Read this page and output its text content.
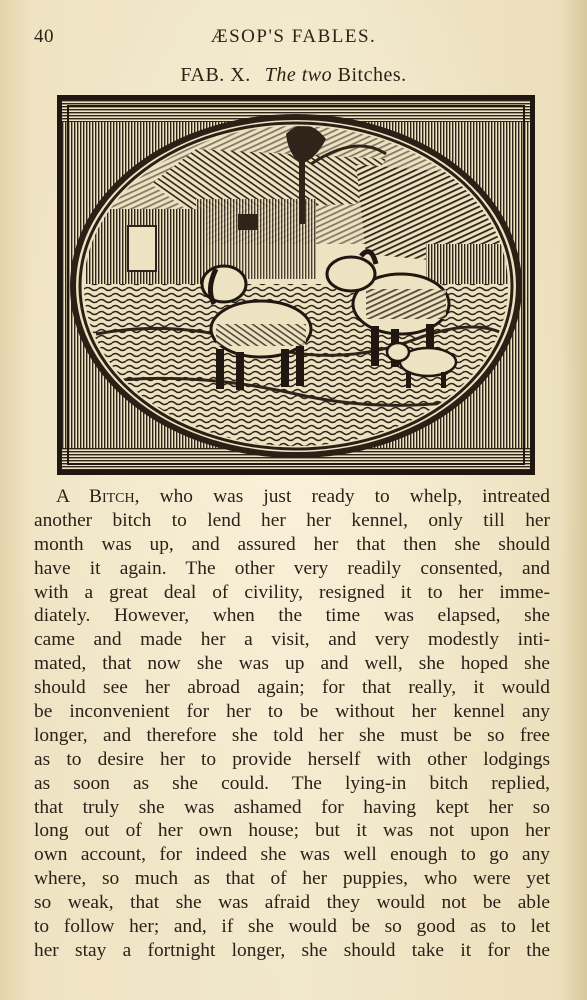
40	ÆSOP'S FABLES.
FAB. X. The two Bitches.
A Bitch, who was just ready to whelp, intreated
another bitch to lend her her kennel, only till her
month was up, and assured her that then she should
have it again. The other very readily consented, and
with a great deal of civility, resigned it to her imme-
diately. However, when the time was elapsed, she
came and made her a visit, and very modestly inti-
mated, that now she was up and well, she hoped she
should see her abroad again; for that really, it would
be inconvenient for her to be without her kennel any
longer, and therefore she told her she must be so free
as to desire her to provide herself with other lodgings
as soon as she could. The lying-in bitch replied,
that truly she was ashamed for having kept her so
long out of her own house; but it was not upon her
own account, for indeed she was well enough to go any
where, so much as that of her puppies, who were yet
so weak, that she was afraid they would not be able
to follow her; and, if she would be so good as to let
her stay a fortnight longer, she should take it for the
